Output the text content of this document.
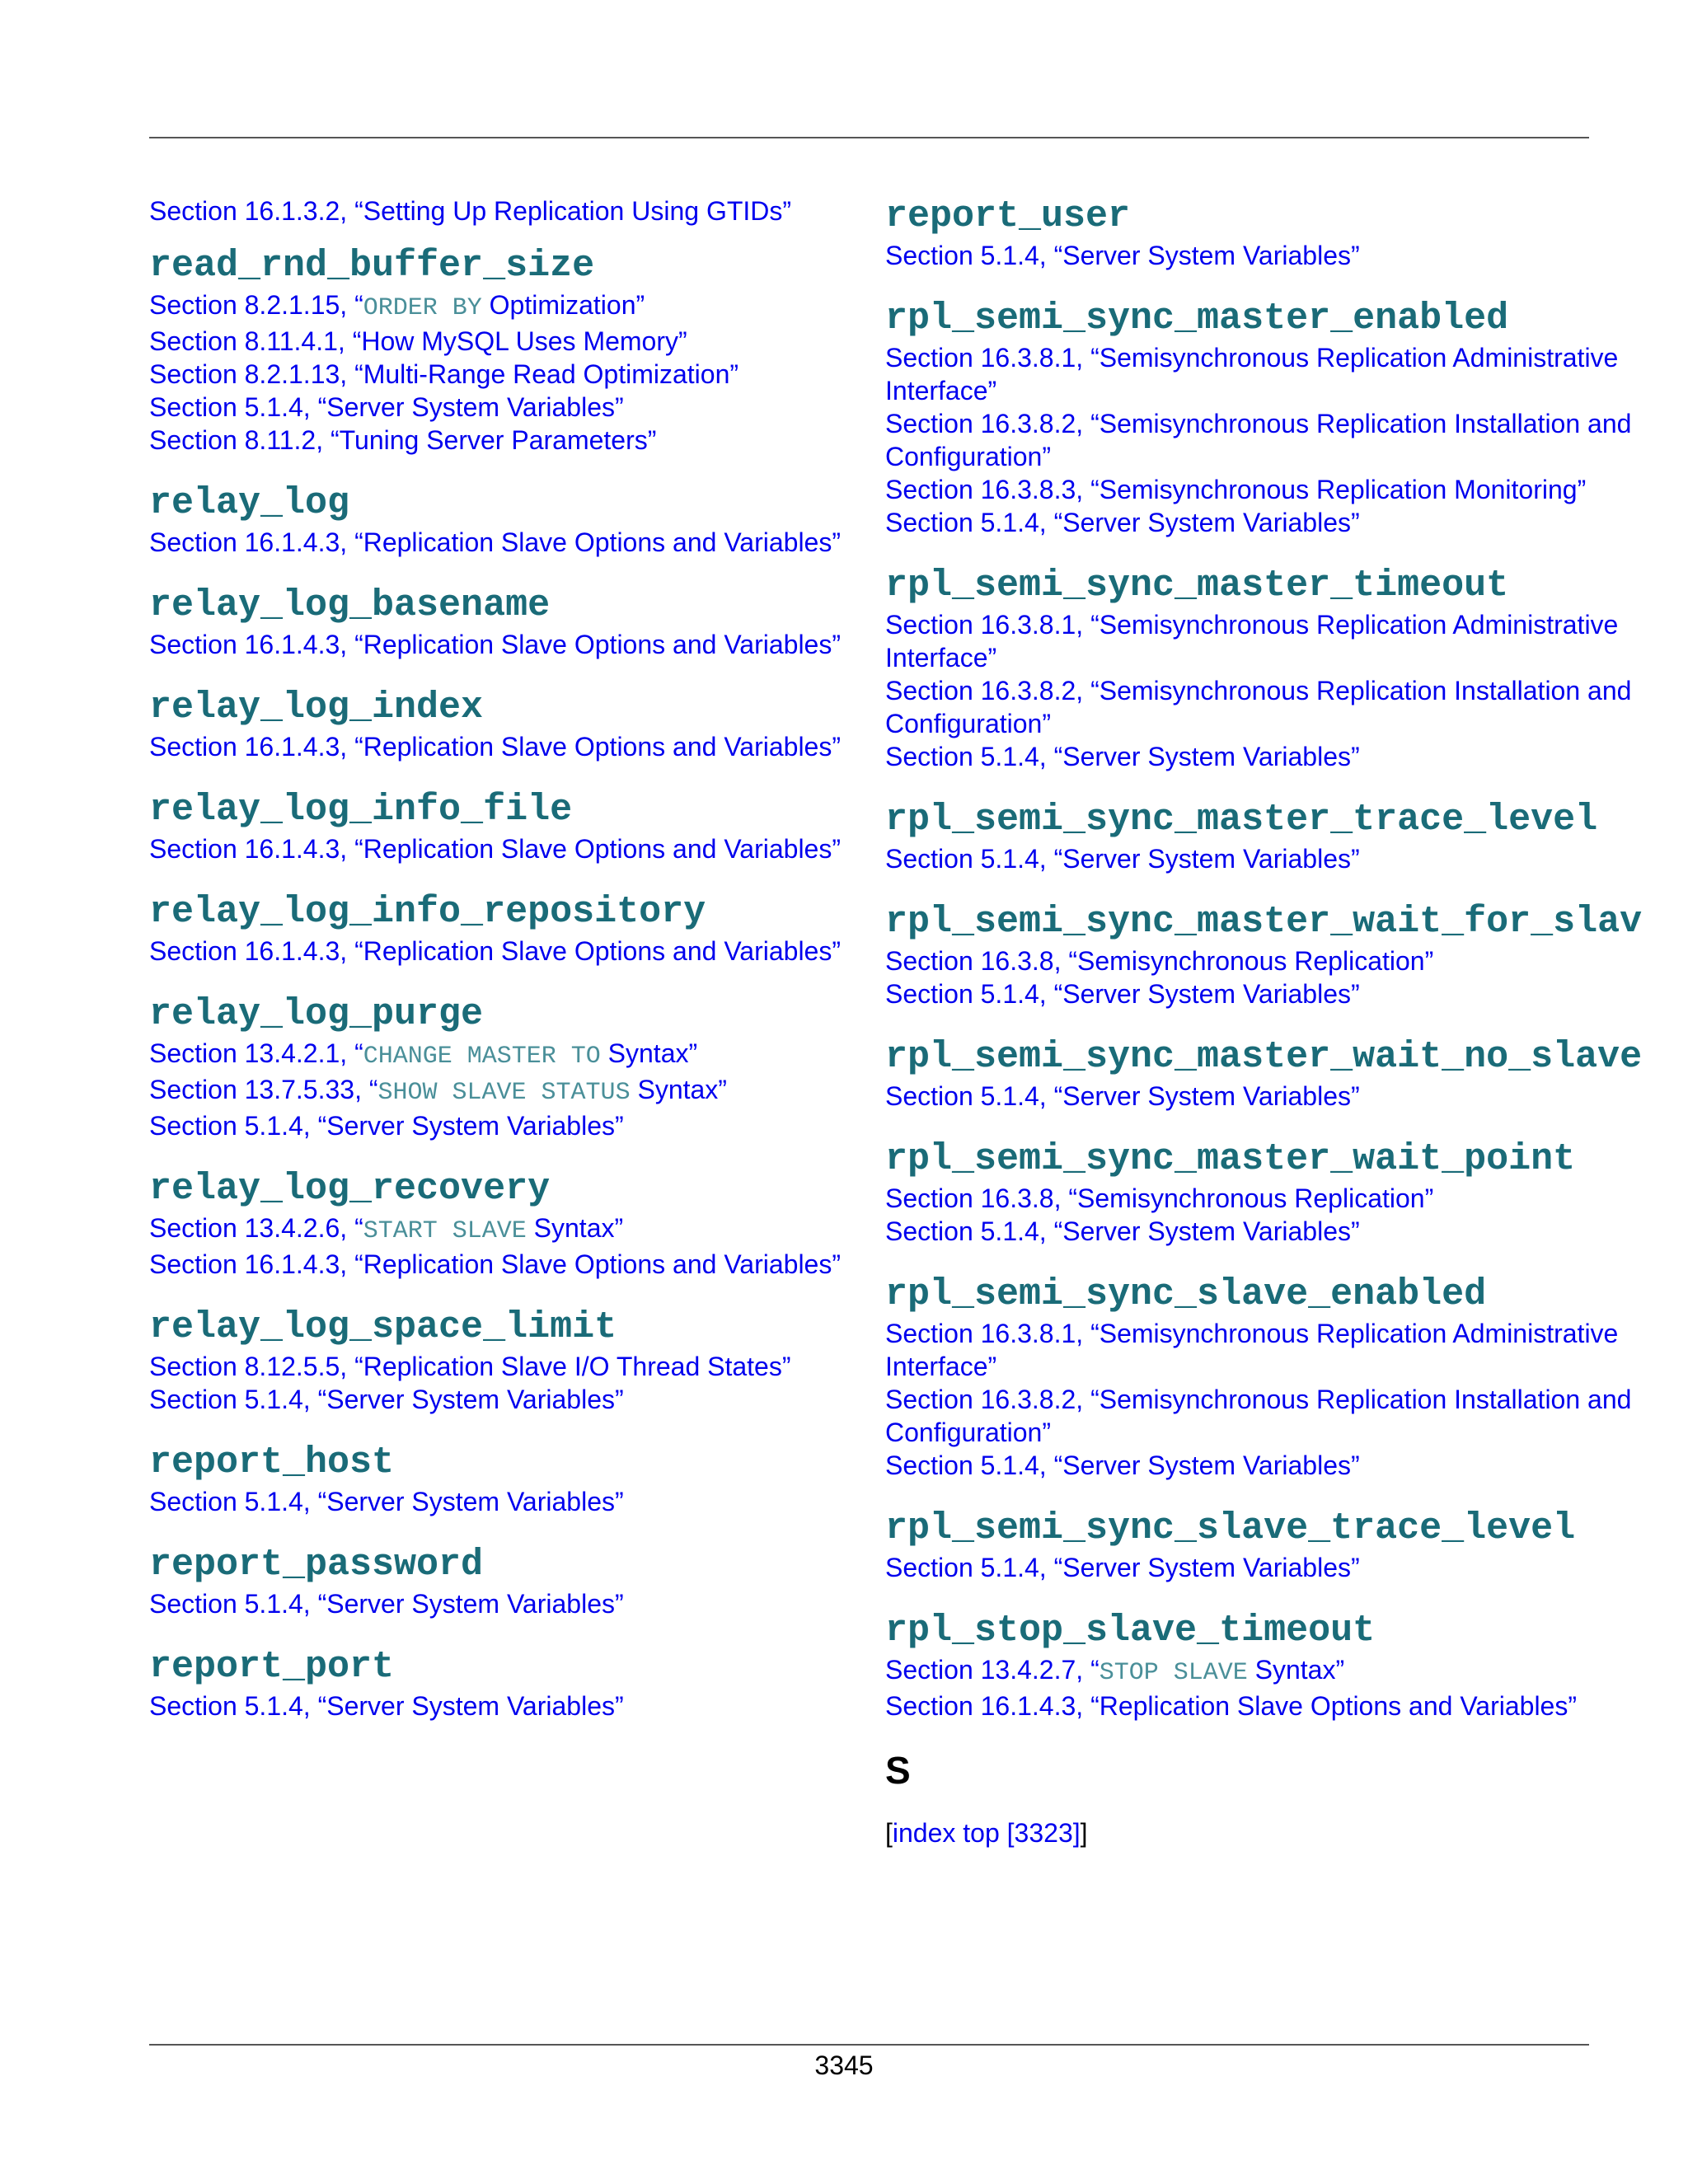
Section 16.1.3.2, “Setting Up Replication Using GTIDs”
read_rnd_buffer_size
Section 8.2.1.15, “ORDER BY Optimization”
Section 8.11.4.1, “How MySQL Uses Memory”
Section 8.2.1.13, “Multi-Range Read Optimization”
Section 5.1.4, “Server System Variables”
Section 8.11.2, “Tuning Server Parameters”
relay_log
Section 16.1.4.3, “Replication Slave Options and Variables”
relay_log_basename
Section 16.1.4.3, “Replication Slave Options and Variables”
relay_log_index
Section 16.1.4.3, “Replication Slave Options and Variables”
relay_log_info_file
Section 16.1.4.3, “Replication Slave Options and Variables”
relay_log_info_repository
Section 16.1.4.3, “Replication Slave Options and Variables”
relay_log_purge
Section 13.4.2.1, “CHANGE MASTER TO Syntax”
Section 13.7.5.33, “SHOW SLAVE STATUS Syntax”
Section 5.1.4, “Server System Variables”
relay_log_recovery
Section 13.4.2.6, “START SLAVE Syntax”
Section 16.1.4.3, “Replication Slave Options and Variables”
relay_log_space_limit
Section 8.12.5.5, “Replication Slave I/O Thread States”
Section 5.1.4, “Server System Variables”
report_host
Section 5.1.4, “Server System Variables”
report_password
Section 5.1.4, “Server System Variables”
report_port
Section 5.1.4, “Server System Variables”
report_user
Section 5.1.4, “Server System Variables”
rpl_semi_sync_master_enabled
Section 16.3.8.1, “Semisynchronous Replication Administrative Interface”
Section 16.3.8.2, “Semisynchronous Replication Installation and Configuration”
Section 16.3.8.3, “Semisynchronous Replication Monitoring”
Section 5.1.4, “Server System Variables”
rpl_semi_sync_master_timeout
Section 16.3.8.1, “Semisynchronous Replication Administrative Interface”
Section 16.3.8.2, “Semisynchronous Replication Installation and Configuration”
Section 5.1.4, “Server System Variables”
rpl_semi_sync_master_trace_level
Section 5.1.4, “Server System Variables”
rpl_semi_sync_master_wait_for_slav
Section 16.3.8, “Semisynchronous Replication”
Section 5.1.4, “Server System Variables”
rpl_semi_sync_master_wait_no_slave
Section 5.1.4, “Server System Variables”
rpl_semi_sync_master_wait_point
Section 16.3.8, “Semisynchronous Replication”
Section 5.1.4, “Server System Variables”
rpl_semi_sync_slave_enabled
Section 16.3.8.1, “Semisynchronous Replication Administrative Interface”
Section 16.3.8.2, “Semisynchronous Replication Installation and Configuration”
Section 5.1.4, “Server System Variables”
rpl_semi_sync_slave_trace_level
Section 5.1.4, “Server System Variables”
rpl_stop_slave_timeout
Section 13.4.2.7, “STOP SLAVE Syntax”
Section 16.1.4.3, “Replication Slave Options and Variables”
S
[index top [3323]]
3345
